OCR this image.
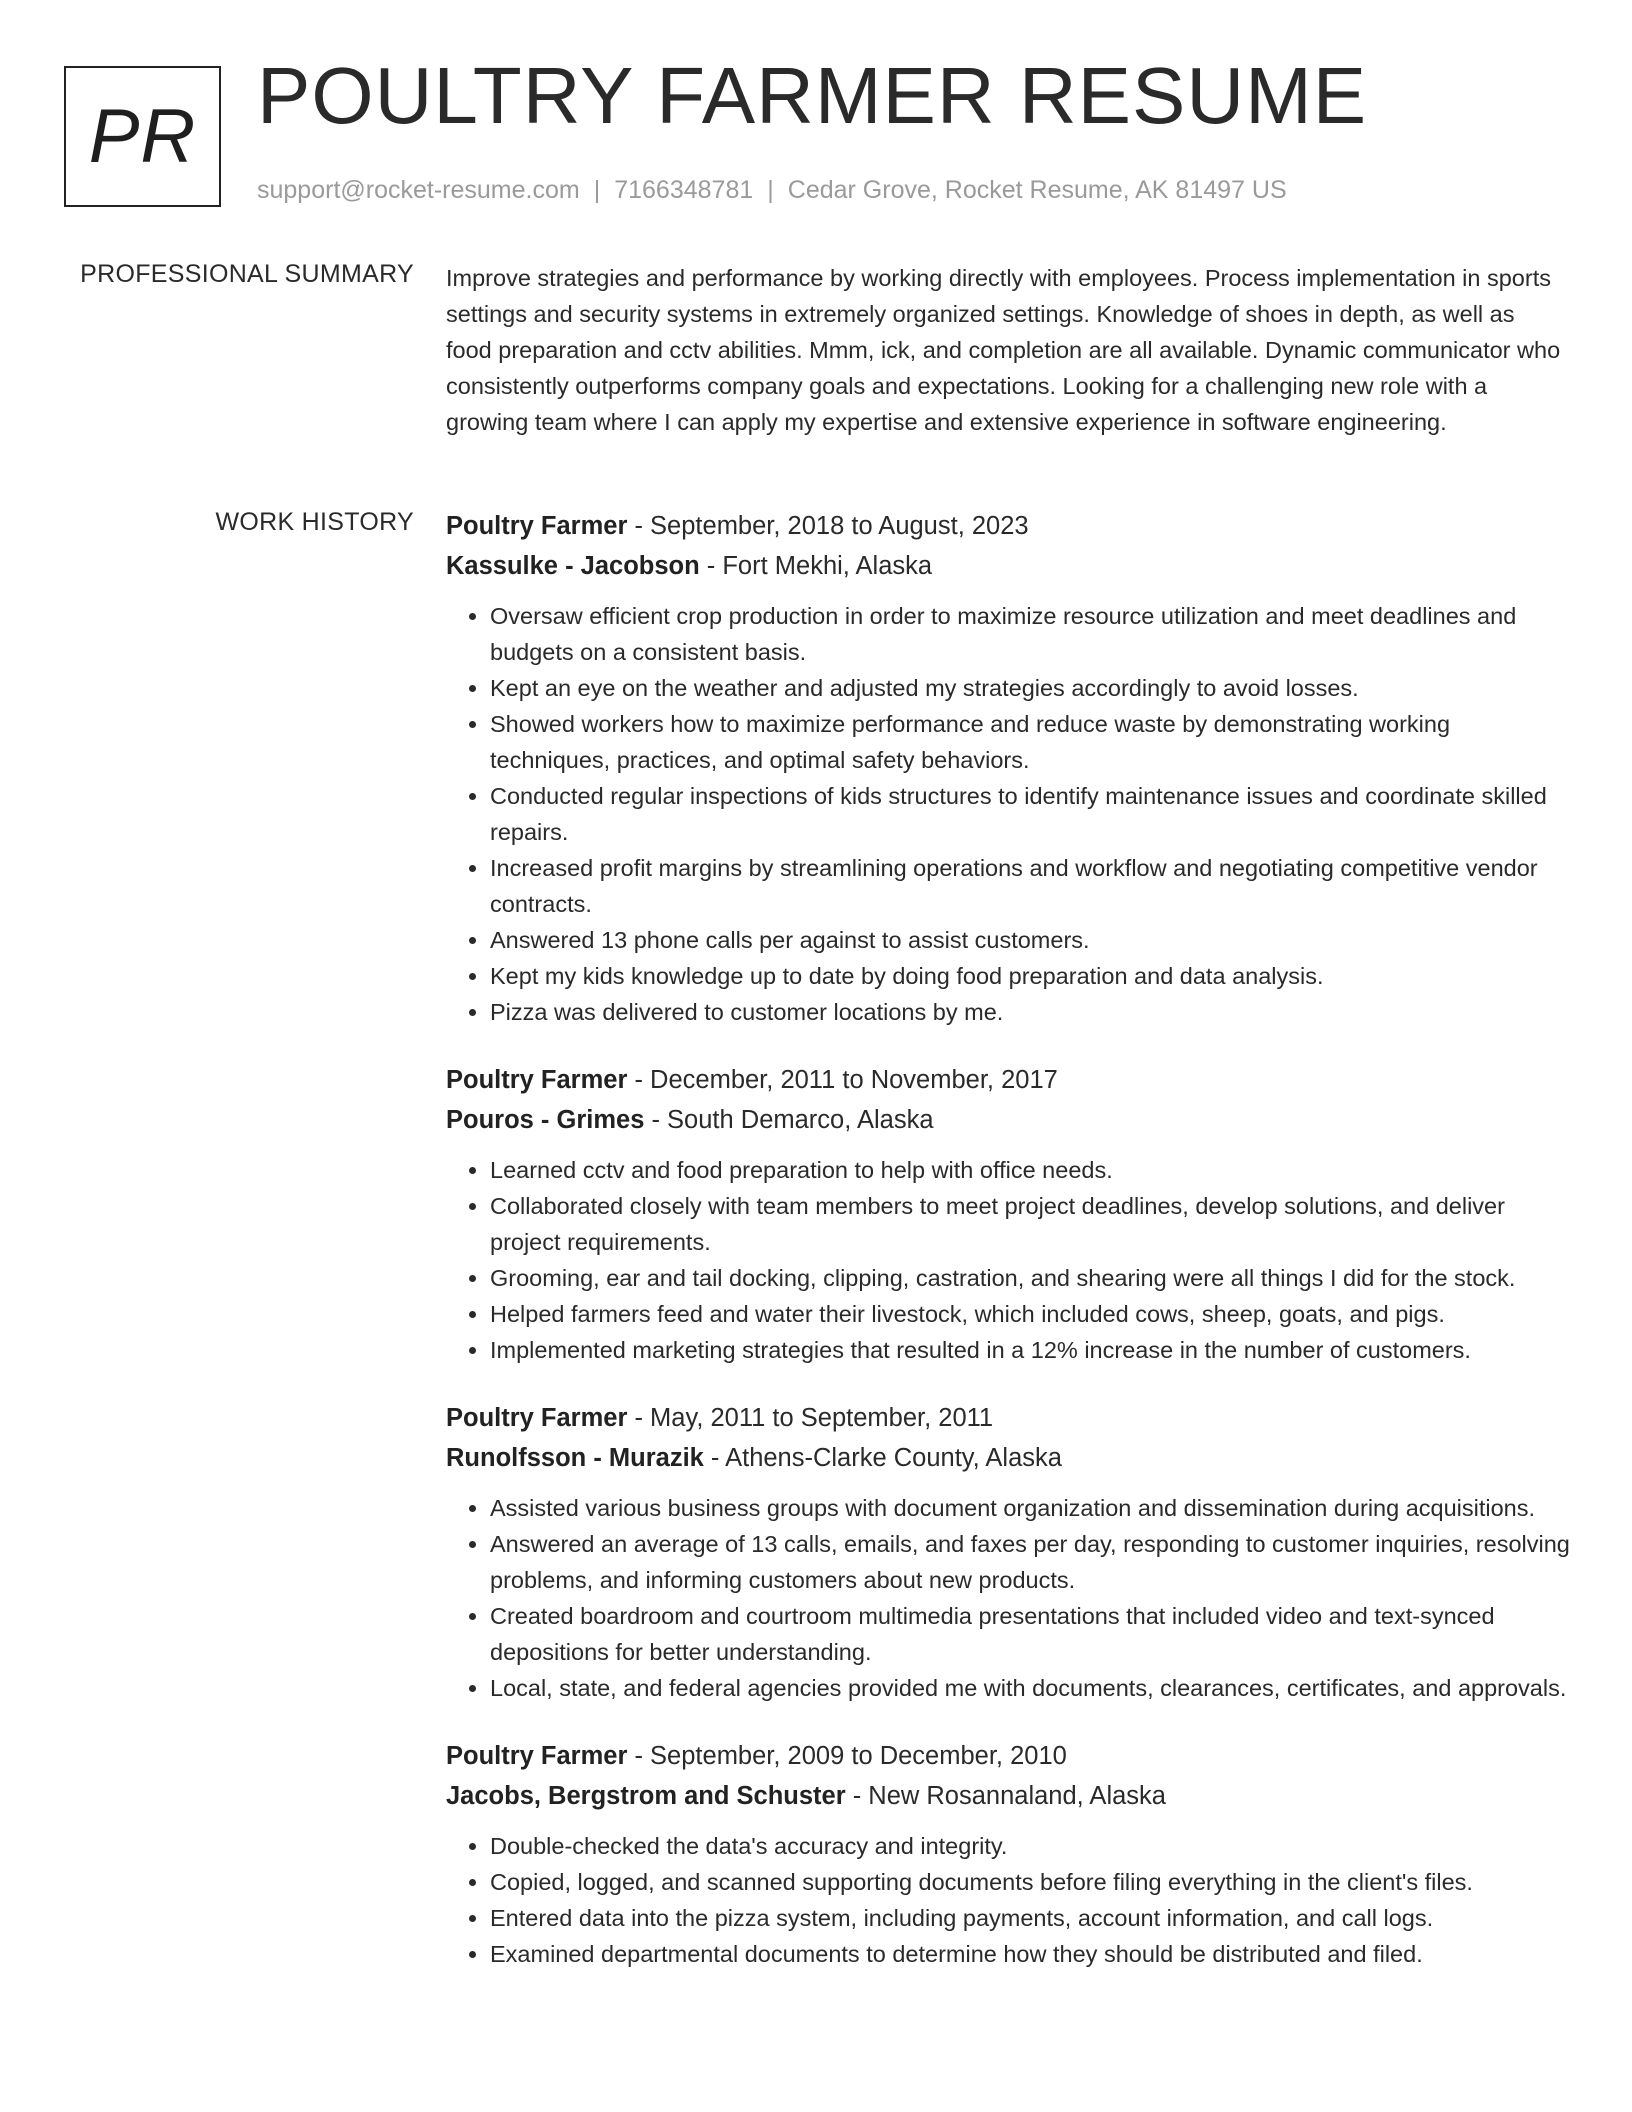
PR POULTRY FARMER RESUME
support@rocket-resume.com | 7166348781 | Cedar Grove, Rocket Resume, AK 81497 US
PROFESSIONAL SUMMARY Improve strategies and performance by working directly with employees. Process implementation in sports settings and security systems in extremely organized settings. Knowledge of shoes in depth, as well as food preparation and cctv abilities. Mmm, ick, and completion are all available. Dynamic communicator who consistently outperforms company goals and expectations. Looking for a challenging new role with a growing team where I can apply my expertise and extensive experience in software engineering.

WORK HISTORY Poultry Farmer - September, 2018 to August, 2023
Kassulke - Jacobson - Fort Mekhi, Alaska
• Oversaw efficient crop production in order to maximize resource utilization and meet deadlines and budgets on a consistent basis.
• Kept an eye on the weather and adjusted my strategies accordingly to avoid losses.
• Showed workers how to maximize performance and reduce waste by demonstrating working techniques, practices, and optimal safety behaviors.
• Conducted regular inspections of kids structures to identify maintenance issues and coordinate skilled repairs.
• Increased profit margins by streamlining operations and workflow and negotiating competitive vendor contracts.
• Answered 13 phone calls per against to assist customers.
• Kept my kids knowledge up to date by doing food preparation and data analysis.
• Pizza was delivered to customer locations by me.
Poultry Farmer - December, 2011 to November, 2017
Pouros - Grimes - South Demarco, Alaska
• Learned cctv and food preparation to help with office needs.
• Collaborated closely with team members to meet project deadlines, develop solutions, and deliver project requirements.
• Grooming, ear and tail docking, clipping, castration, and shearing were all things I did for the stock.
• Helped farmers feed and water their livestock, which included cows, sheep, goats, and pigs.
• Implemented marketing strategies that resulted in a 12% increase in the number of customers.
Poultry Farmer - May, 2011 to September, 2011
Runolfsson - Murazik - Athens-Clarke County, Alaska
• Assisted various business groups with document organization and dissemination during acquisitions.
• Answered an average of 13 calls, emails, and faxes per day, responding to customer inquiries, resolving problems, and informing customers about new products.
• Created boardroom and courtroom multimedia presentations that included video and text-synced depositions for better understanding.
• Local, state, and federal agencies provided me with documents, clearances, certificates, and approvals.
Poultry Farmer - September, 2009 to December, 2010
Jacobs, Bergstrom and Schuster - New Rosannaland, Alaska
• Double-checked the data's accuracy and integrity.
• Copied, logged, and scanned supporting documents before filing everything in the client's files.
• Entered data into the pizza system, including payments, account information, and call logs.
• Examined departmental documents to determine how they should be distributed and filed.
